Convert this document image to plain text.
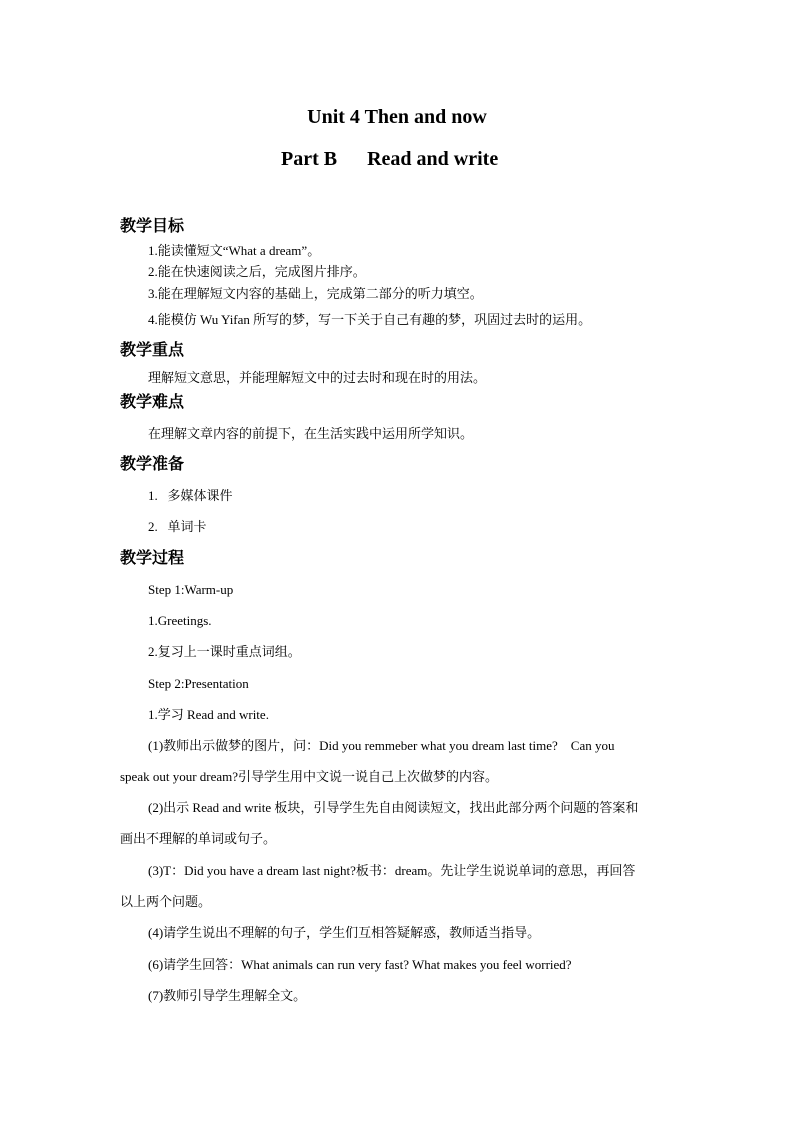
Unit 4 Then and now
Part B Read and write
教学目标
1.能读懂短文“What a dream”。
2.能在快速阅读之后，完成图片排序。
3.能在理解短文内容的基础上，完成第二部分的听力填空。
4.能模仿 Wu Yifan 所写的梦，写一下关于自己有趣的梦，巩固过去时的运用。
教学重点
理解短文意思，并能理解短文中的过去时和现在时的用法。
教学难点
在理解文章内容的前提下，在生活实践中运用所学知识。
教学准备
1.   多媒体课件
2.   单词卡
教学过程
Step 1:Warm-up
1.Greetings.
2.复习上一课时重点词组。
Step 2:Presentation
1.学习 Read and write.
(1)教师出示做梦的图片，问：Did you remmeber what you dream last time?    Can you
speak out your dream?引导学生用中文说一说自己上次做梦的内容。
(2)出示 Read and write 板块，引导学生先自由阅读短文，找出此部分两个问题的答案和
画出不理解的单词或句子。
(3)T：Did you have a dream last night?板书：dream。先让学生说说单词的意思，再回答
以上两个问题。
(4)请学生说出不理解的句子，学生们互相答疑解惑，教师适当指导。
(6)请学生回答：What animals can run very fast? What makes you feel worried?
(7)教师引导学生理解全文。
